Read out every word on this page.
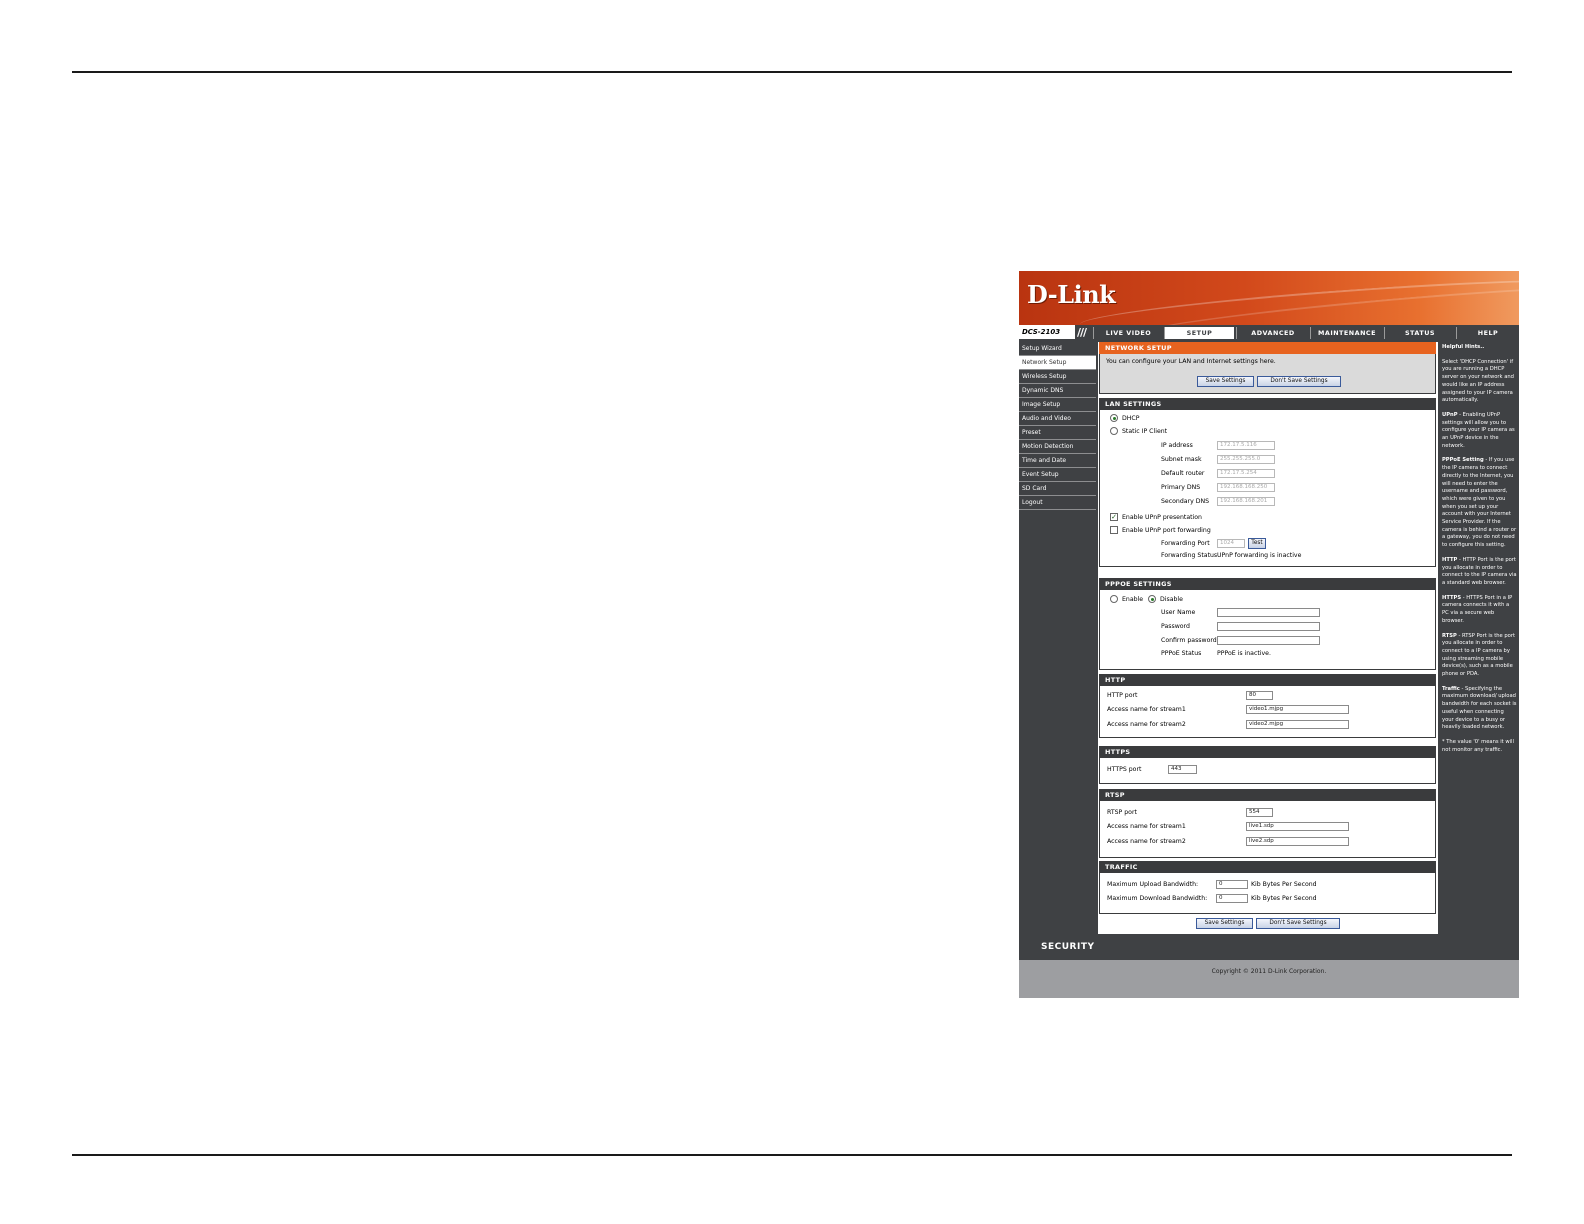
D-Link
DCS-2103	///	LIVE VIDEO	SETUP	ADVANCED	MAINTENANCE	STATUS	HELP
Setup Wizard
Network Setup
Wireless Setup
Dynamic DNS
Image Setup
Audio and Video
Preset
Motion Detection
Time and Date
Event Setup
SD Card
Logout
NETWORK SETUP
You can configure your LAN and Internet settings here.
Save Settings	Don't Save Settings
LAN SETTINGS
DHCP
Static IP Client
IP address	172.17.5.116
Subnet mask	255.255.255.0
Default router	172.17.5.254
Primary DNS	192.168.168.250
Secondary DNS	192.168.168.201
✓ Enable UPnP presentation
Enable UPnP port forwarding
Forwarding Port	1024	Test
Forwarding Status UPnP forwarding is inactive
PPPOE SETTINGS
Enable	Disable
User Name
Password
Confirm password
PPPoE Status	PPPoE is inactive.
HTTP
HTTP port	80
Access name for stream1	video1.mjpg
Access name for stream2	video2.mjpg
HTTPS
HTTPS port	443
RTSP
RTSP port	554
Access name for stream1	live1.sdp
Access name for stream2	live2.sdp
TRAFFIC
Maximum Upload Bandwidth:	0	Kib Bytes Per Second
Maximum Download Bandwidth:	0	Kib Bytes Per Second
Save Settings	Don't Save Settings

Helpful Hints..

Select 'DHCP Connection' if you are running a DHCP server on your network and would like an IP address assigned to your IP camera automatically.

UPnP - Enabling UPnP settings will allow you to configure your IP camera as an UPnP device in the network.

PPPoE Setting - If you use the IP camera to connect directly to the Internet, you will need to enter the username and password, which were given to you when you set up your account with your Internet Service Provider. If the camera is behind a router or a gateway, you do not need to configure this setting.

HTTP - HTTP Port is the port you allocate in order to connect to the IP camera via a standard web browser.

HTTPS - HTTPS Port in a IP camera connects it with a PC via a secure web browser.

RTSP - RTSP Port is the port you allocate in order to connect to a IP camera by using streaming mobile device(s), such as a mobile phone or PDA.

Traffic - Specifying the maximum download/ upload bandwidth for each socket is useful when connecting your device to a busy or heavily loaded network.

* The value '0' means it will not monitor any traffic.

SECURITY
Copyright © 2011 D-Link Corporation.
